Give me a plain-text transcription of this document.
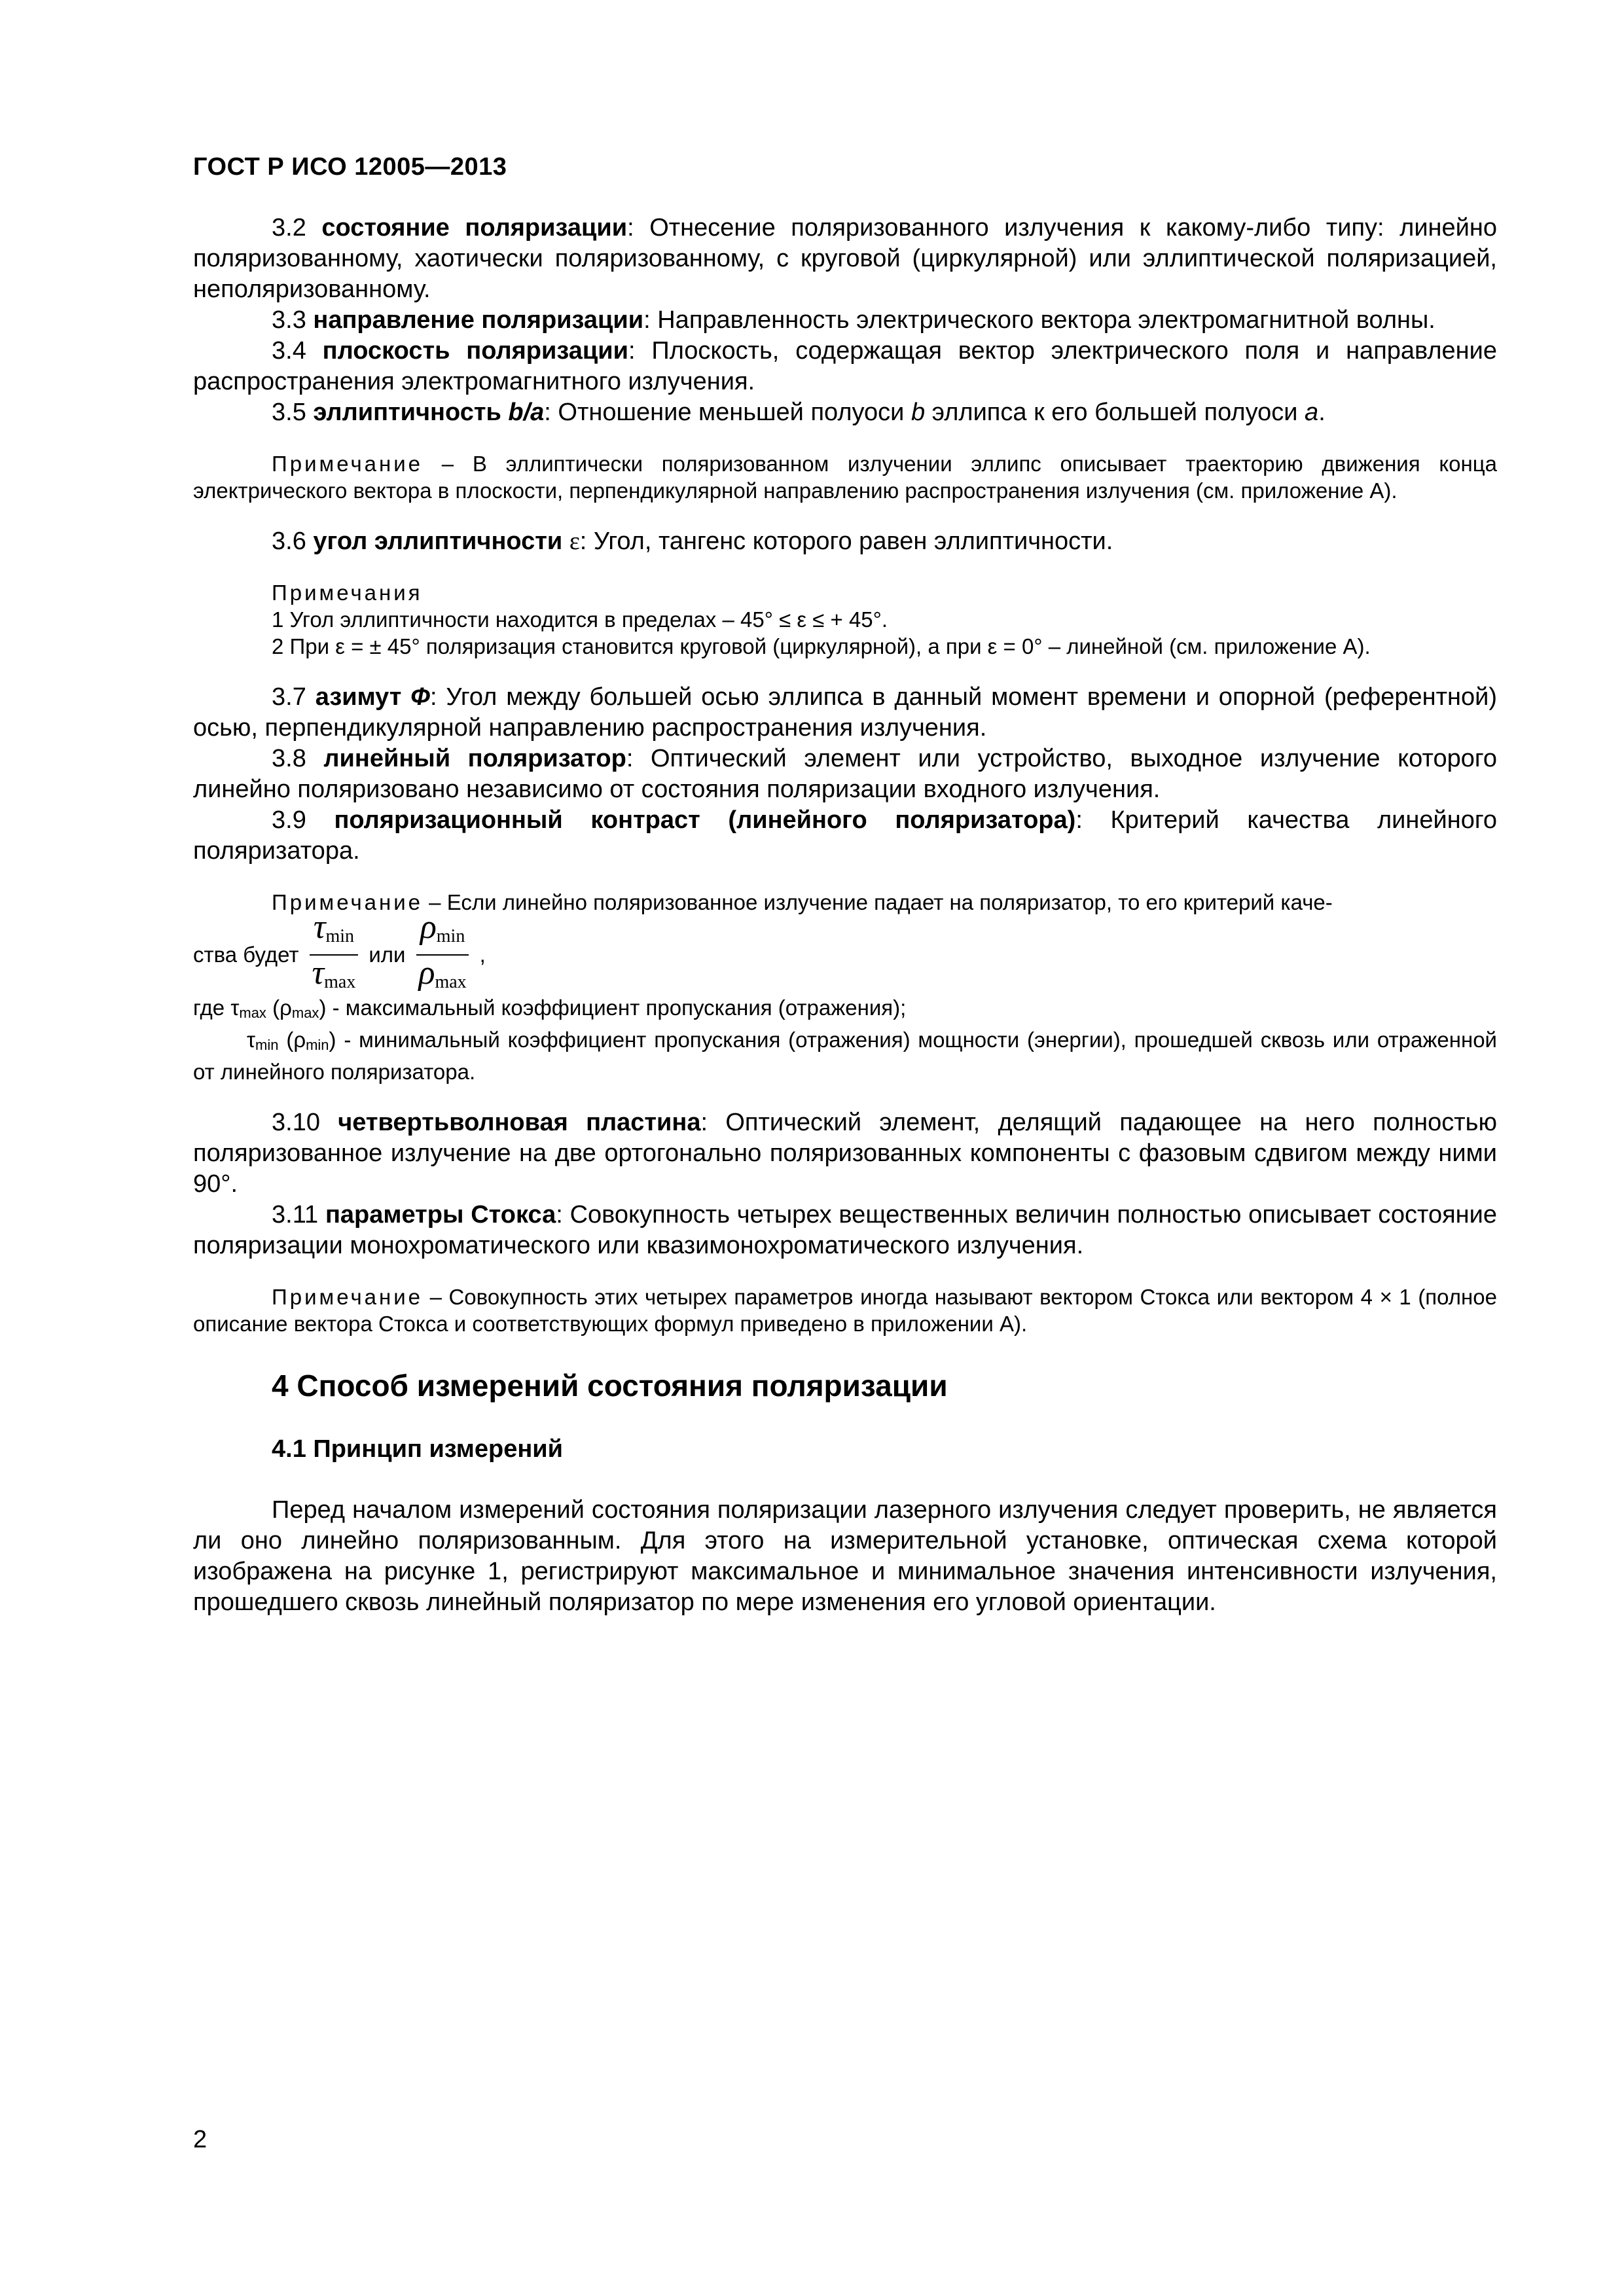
ГОСТ Р ИСО 12005—2013

3.2 состояние поляризации: Отнесение поляризованного излучения к какому-либо типу: линейно поляризованному, хаотически поляризованному, с круговой (циркулярной) или эллиптической поляризацией, неполяризованному.

3.3 направление поляризации: Направленность электрического вектора электромагнитной волны.

3.4 плоскость поляризации: Плоскость, содержащая вектор электрического поля и направление распространения электромагнитного излучения.

3.5 эллиптичность b/a: Отношение меньшей полуоси b эллипса к его большей полуоси a.

Примечание – В эллиптически поляризованном излучении эллипс описывает траекторию движения конца электрического вектора в плоскости, перпендикулярной направлению распространения излучения (см. приложение А).

3.6 угол эллиптичности ε: Угол, тангенс которого равен эллиптичности.

Примечания

1 Угол эллиптичности находится в пределах – 45° ≤ ε ≤ + 45°.

2 При ε = ± 45° поляризация становится круговой (циркулярной), а при ε = 0° – линейной (см. приложение А).

3.7 азимут Ф: Угол между большей осью эллипса в данный момент времени и опорной (референтной) осью, перпендикулярной направлению распространения излучения.

3.8 линейный поляризатор: Оптический элемент или устройство, выходное излучение которого линейно поляризовано независимо от состояния поляризации входного излучения.

3.9 поляризационный контраст (линейного поляризатора): Критерий качества линейного поляризатора.

Примечание – Если линейно поляризованное излучение падает на поляризатор, то его критерий каче-

ства будет $\frac{\tau_{min}}{\tau_{max}}$ или $\frac{\rho_{min}}{\rho_{max}}$ ,

где τmax (ρmax) - максимальный коэффициент пропускания (отражения);

τmin (ρmin) - минимальный коэффициент пропускания (отражения) мощности (энергии), прошедшей сквозь или отраженной от линейного поляризатора.

3.10 четвертьволновая пластина: Оптический элемент, делящий падающее на него полностью поляризованное излучение на две ортогонально поляризованных компоненты с фазовым сдвигом между ними 90°.

3.11 параметры Стокса: Совокупность четырех вещественных величин полностью описывает состояние поляризации монохроматического или квазимонохроматического излучения.

Примечание – Совокупность этих четырех параметров иногда называют вектором Стокса или вектором 4 × 1 (полное описание вектора Стокса и соответствующих формул приведено в приложении А).

4 Способ измерений состояния поляризации
4.1 Принцип измерений

Перед началом измерений состояния поляризации лазерного излучения следует проверить, не является ли оно линейно поляризованным. Для этого на измерительной установке, оптическая схема которой изображена на рисунке 1, регистрируют максимальное и минимальное значения интенсивности излучения, прошедшего сквозь линейный поляризатор по мере изменения его угловой ориентации.

2
